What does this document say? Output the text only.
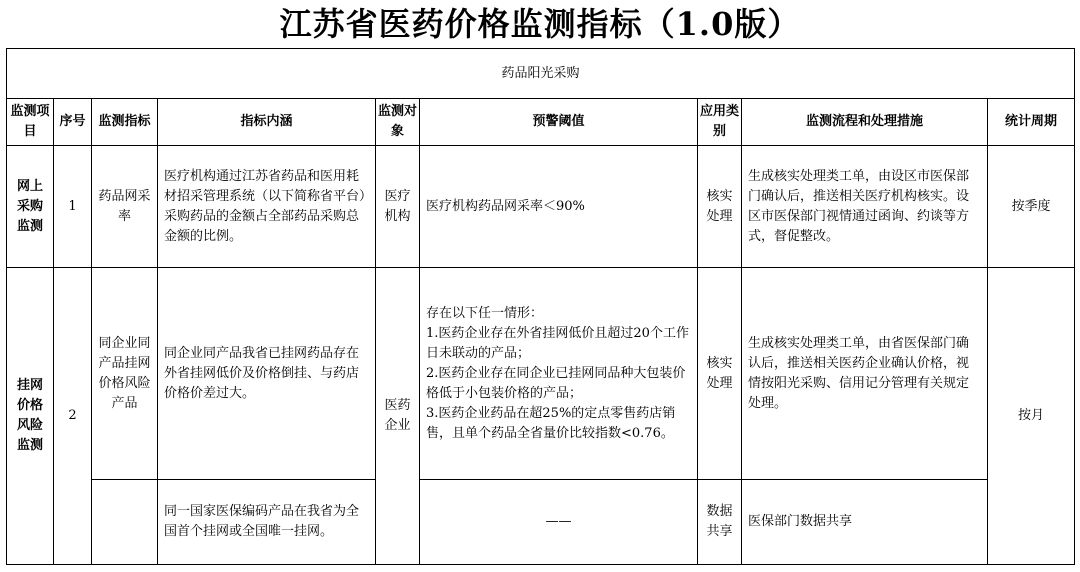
江苏省医药价格监测指标（1.0版）
药品阳光采购								
监测项目	序号	监测指标	指标内涵	监测对象	预警阈值	应用类别	监测流程和处理措施	统计周期
网上采购监测	1	药品网采率	医疗机构通过江苏省药品和医用耗材招采管理系统（以下简称省平台）采购药品的金额占全部药品采购总金额的比例。	医疗机构	医疗机构药品网采率＜90%	核实处理	生成核实处理类工单，由设区市医保部门确认后，推送相关医疗机构核实。设区市医保部门视情通过函询、约谈等方式，督促整改。	按季度
挂网价格风险监测	2	同企业同产品挂网价格风险产品	同企业同产品我省已挂网药品存在外省挂网低价及价格倒挂、与药店价格价差过大。	医药企业	存在以下任一情形：
1.医药企业存在外省挂网低价且超过20个工作日未联动的产品；
2.医药企业存在同企业已挂网同品种大包装价格低于小包装价格的产品；
3.医药企业药品在超25%的定点零售药店销售，且单个药品全省量价比较指数<0.76。	核实处理	生成核实处理类工单，由省医保部门确认后，推送相关医药企业确认价格，视情按阳光采购、信用记分管理有关规定处理。	按月
			同一国家医保编码产品在我省为全国首个挂网或全国唯一挂网。		——	数据共享	医保部门数据共享	
